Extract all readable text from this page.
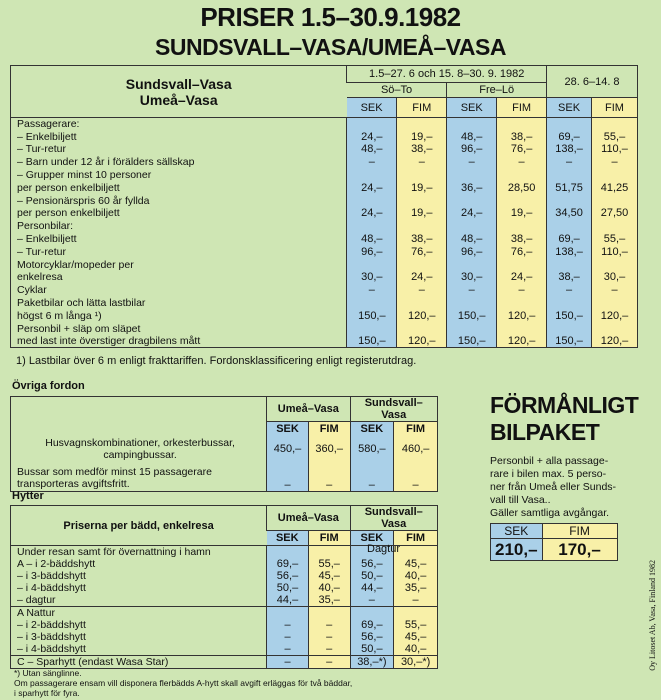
PRISER 1.5–30.9.1982
SUNDSVALL–VASA/UMEÅ–VASA
Sundsvall–Vasa
Umeå–Vasa	1.5–27. 6 och 15. 8–30. 9. 1982				28. 6–14. 8	
	Sö–To		Fre–Lö			
	SEK	FIM	SEK	FIM	SEK	FIM
Passagerare:						
– Enkelbiljett	24,–	19,–	48,–	38,–	69,–	55,–
– Tur-retur	48,–	38,–	96,–	76,–	138,–	110,–
– Barn under 12 år i förälders sällskap	–	–	–	–	–	–
– Grupper minst 10 personer						
per person enkelbiljett	24,–	19,–	36,–	28,50	51,75	41,25
– Pensionärspris 60 år fyllda						
per person enkelbiljett	24,–	19,–	24,–	19,–	34,50	27,50
Personbilar:						
– Enkelbiljett	48,–	38,–	48,–	38,–	69,–	55,–
– Tur-retur	96,–	76,–	96,–	76,–	138,–	110,–
Motorcyklar/mopeder per						
enkelresa	30,–	24,–	30,–	24,–	38,–	30,–
Cyklar	–	–	–	–	–	–
Paketbilar och lätta lastbilar						
högst 6 m långa ¹)	150,–	120,–	150,–	120,–	150,–	120,–
Personbil + släp om släpet						
med last inte överstiger dragbilens mått	150,–	120,–	150,–	120,–	150,–	120,–
1) Lastbilar över 6 m enligt frakttariffen. Fordonsklassificering enligt registerutdrag.
Övriga fordon
	Umeå–Vasa		Sundsvall–Vasa	
	SEK	FIM	SEK	FIM

Husvagnskombinationer, orkesterbussar,
campingbussar.	450,–	360,–	580,–	460,–

Bussar som medför minst 15 passagerare
transporteras avgiftsfritt.	–	–	–	–
Hytter
Priserna per bädd, enkelresa	Umeå–Vasa		Sundsvall–Vasa	
	SEK	FIM	SEK	FIM
Under resan samt för övernattning i hamn				
A – i 2-bäddshytt	69,–	55,–	56,–	45,–
– i 3-bäddshytt	56,–	45,–	50,–	40,–
– i 4-bäddshytt	50,–	40,–	44,–	35,–
– dagtur	44,–	35,–	–	–
A Nattur				
– i 2-bäddshytt	–	–	69,–	55,–
– i 3-bäddshytt	–	–	56,–	45,–
– i 4-bäddshytt	–	–	50,–	40,–
C – Sparhytt (endast Wasa Star)	–	–	38,–*)	30,–*)
Dagtur
*) Utan sänglinne.
Om passagerare ensam vill disponera flerbädds A-hytt skall avgift erläggas för två bäddar,
i sparhytt för fyra.
FÖRMÅNLIGT
BILPAKET
Personbil + alla passage-
rare i bilen max. 5 perso-
ner från Umeå eller Sunds-
vall till Vasa..
Gäller samtliga avgångar.
SEK	FIM
210,–	170,–
Oy Litoset Ab, Vasa, Finland 1982
